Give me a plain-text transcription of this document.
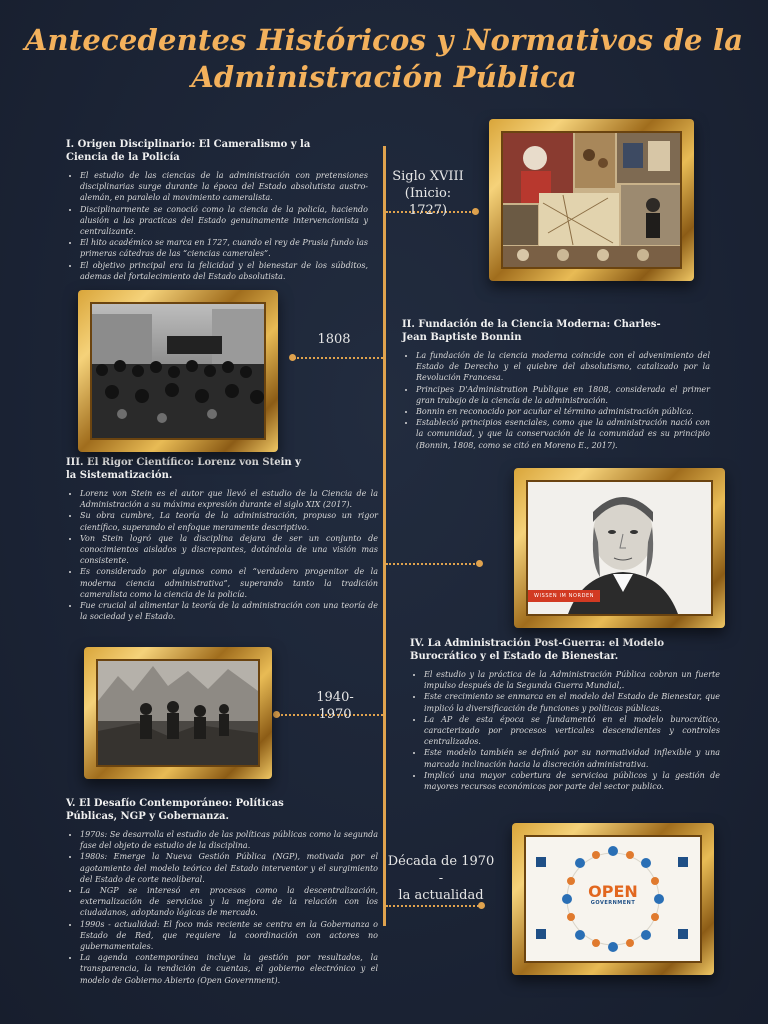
Antecedentes Históricos y Normativos de la
Administración Pública
Siglo XVIII
(Inicio: 1727)
1808
1940-1970
Década de 1970 -
la actualidad
I. Origen Disciplinario: El Cameralismo y la Ciencia de la Policía
• El estudio de las ciencias de la administración con pretensiones disciplinarias surge durante la época del Estado absolutista austro-alemán, en paralelo al movimiento cameralista.
• Disciplinarmente se conoció como la ciencia de la policía, haciendo alusión a las practicas del Estado genuinamente intervencionista y centralizante.
• El hito académico se marca en 1727, cuando el rey de Prusia fundo las primeras cátedras de las “ciencias camerales”.
• El objetivo principal era la felicidad y el bienestar de los súbditos, ademas del fortalecimiento del Estado absolutista.
II. Fundación de la Ciencia Moderna: Charles-Jean Baptiste Bonnin
• La fundación de la ciencia moderna coincide con el advenimiento del Estado de Derecho y el quiebre del absolutismo, catalizado por la Revolución Francesa.
• Principes D'Administration Publique en 1808, considerada el primer gran trabajo de la ciencia de la administración.
• Bonnin en reconocido por acuñar el término administración pública.
• Estableció principios esenciales, como que la administración nació con la comunidad, y que la conservación de la comunidad es su principio (Bonnin, 1808, como se citó en Moreno E., 2017).
III. El Rigor Científico: Lorenz von Stein y la Sistematización.
• Lorenz von Stein es el autor que llevó el estudio de la Ciencia de la Administración a su máxima expresión durante el siglo XIX (2017).
• Su obra cumbre, La teoría de la administración, propuso un rigor científico, superando el enfoque meramente descriptivo.
• Von Stein logró que la disciplina dejara de ser un conjunto de conocimientos aislados y discrepantes, dotándola de una visión mas consistente.
• Es considerado por algunos como el “verdadero progenitor de la moderna ciencia administrativa”, superando tanto la tradición cameralista como la ciencia de la policía.
• Fue crucial al alimentar la teoría de la administración con una teoría de la sociedad y el Estado.
IV. La Administración Post-Guerra: el Modelo Burocrático y el Estado de Bienestar.
• El estudio y la práctica de la Administración Pública cobran un fuerte impulso después de la Segunda Guerra Mundial,.
• Este crecimiento se enmarca en el modelo del Estado de Bienestar, que implicó la diversificación de funciones y políticas públicas.
• La AP de esta época se fundamentó en el modelo burocrático, caracterizado por procesos verticales descendientes y controles centralizados.
• Este modelo también se definió por su normatividad inflexible y una marcada inclinación hacia la discreción administrativa.
• Implicó una mayor cobertura de servicioa públicos y la gestión de mayores recursos económicos por parte del sector publico.
V. El Desafío Contemporáneo: Políticas Públicas, NGP y Gobernanza.
• 1970s: Se desarrolla el estudio de las políticas públicas como la segunda fase del objeto de estudio de la disciplina.
• 1980s: Emerge la Nueva Gestión Pública (NGP), motivada por el agotamiento del modelo teórico del Estado interventor y el surgimiento del Estado de corte neoliberal.
• La NGP se interesó en procesos como la descentralización, externalización de servicios y la mejora de la relación con los ciudadanos, adoptando lógicas de mercado.
• 1990s - actualidad: El foco más reciente se centra en la Gobernanza o Estado de Red, que requiere la coordinación con actores no gubernamentales.
• La agenda contemporánea incluye la gestión por resultados, la transparencia, la rendición de cuentas, el gobierno electrónico y el modelo de Gobierno Abierto (Open Government).
WISSEN IM NORDEN
OPEN
GOVERNMENT
